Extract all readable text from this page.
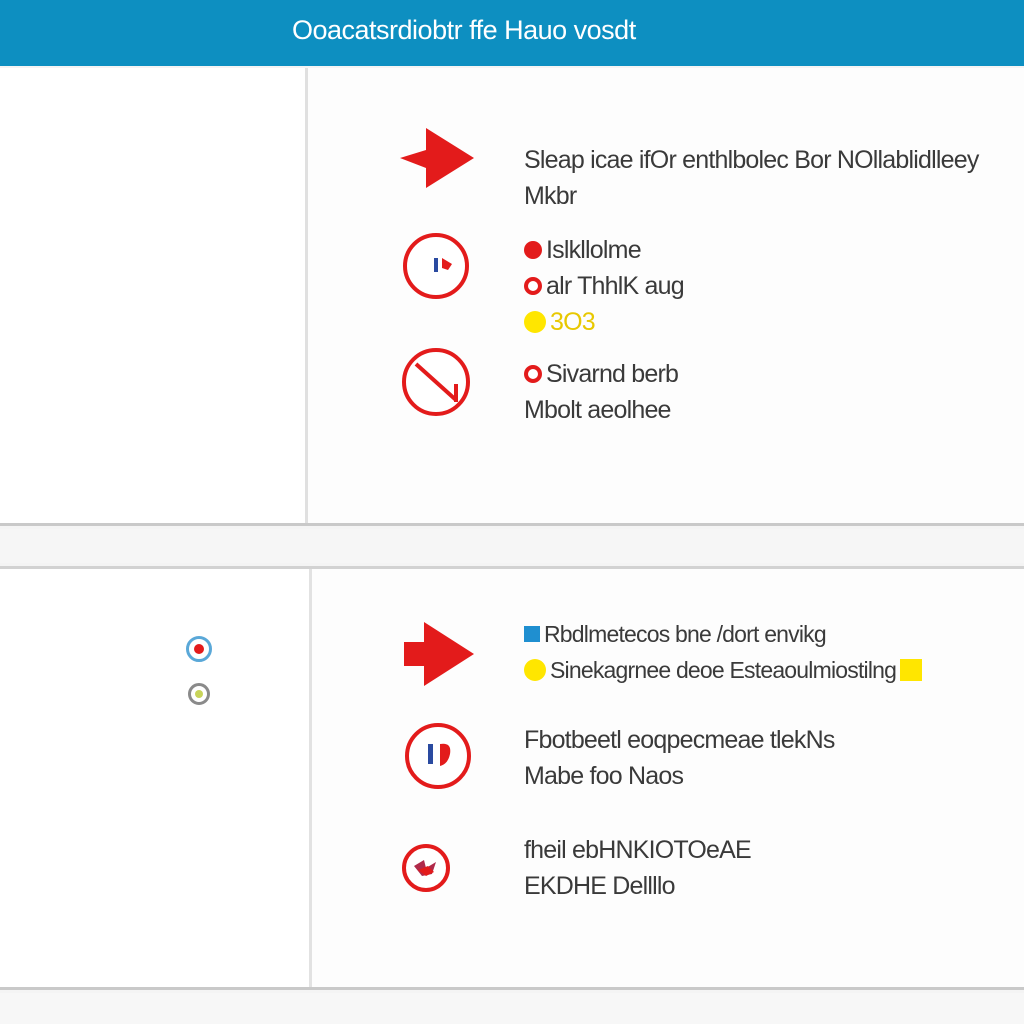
Ooacatsrdiobtr ffe Hauo vosdt
Sleap icae ifOr enthlbolec Bor NOllablidlleey
Mkbr
Islkllolme
alr ThhlK aug
3O3
Sivarnd berb
Mbolt aeolhee
Rbdlmetecos bne /dort envikg
Sinekagrnee deoe Esteaoulmiostilng
Fbotbeetl eoqpecmeae tlekNs
Mabe foo Naos
fheil ebHNKIOTOeAE
EKDHE Dellllo
